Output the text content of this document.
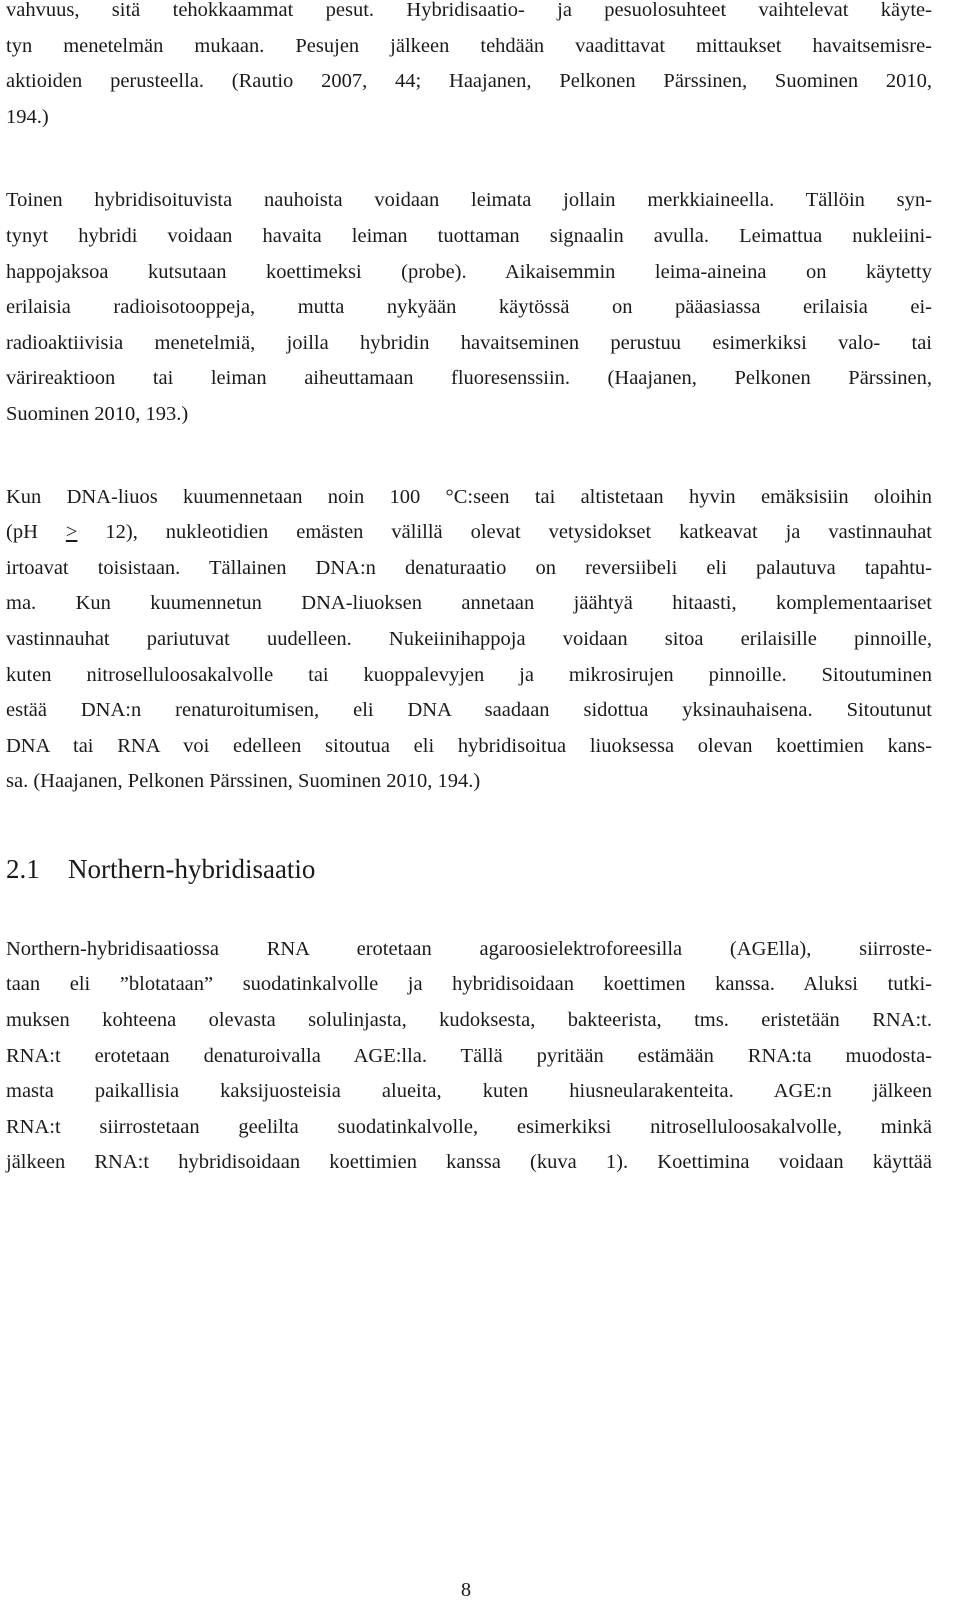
vahvuus, sitä tehokkaammat pesut. Hybridisaatio- ja pesuolosuhteet vaihtelevat käyte-
tyn menetelmän mukaan. Pesujen jälkeen tehdään vaadittavat mittaukset havaitsemisre-
aktioiden perusteella. (Rautio 2007, 44; Haajanen, Pelkonen Pärssinen, Suominen 2010,
194.)

Toinen hybridisoituvista nauhoista voidaan leimata jollain merkkiaineella. Tällöin syn-
tynyt hybridi voidaan havaita leiman tuottaman signaalin avulla. Leimattua nukleiini-
happojaksoa kutsutaan koettimeksi (probe). Aikaisemmin leima-aineina on käytetty
erilaisia radioisotooppeja, mutta nykyään käytössä on pääasiassa erilaisia ei-
radioaktiivisia menetelmiä, joilla hybridin havaitseminen perustuu esimerkiksi valo- tai
värireaktioon tai leiman aiheuttamaan fluoresenssiin. (Haajanen, Pelkonen Pärssinen,
Suominen 2010, 193.)

Kun DNA-liuos kuumennetaan noin 100 °C:seen tai altistetaan hyvin emäksisiin oloihin
(pH ≥ 12), nukleotidien emästen välillä olevat vetysidokset katkeavat ja vastinnauhat
irtoavat toisistaan. Tällainen DNA:n denaturaatio on reversiibeli eli palautuva tapahtu-
ma. Kun kuumennetun DNA-liuoksen annetaan jäähtyä hitaasti, komplementaariset
vastinnauhat pariutuvat uudelleen. Nukeiinihappoja voidaan sitoa erilaisille pinnoille,
kuten nitroselluloosakalvolle tai kuoppalevyjen ja mikrosirujen pinnoille. Sitoutuminen
estää DNA:n renaturoitumisen, eli DNA saadaan sidottua yksinauhaisena. Sitoutunut
DNA tai RNA voi edelleen sitoutua eli hybridisoitua liuoksessa olevan koettimien kans-
sa. (Haajanen, Pelkonen Pärssinen, Suominen 2010, 194.)

2.1 Northern-hybridisaatio

Northern-hybridisaatiossa RNA erotetaan agaroosielektroforeesilla (AGElla), siirroste-
taan eli ”blotataan” suodatinkalvolle ja hybridisoidaan koettimen kanssa. Aluksi tutki-
muksen kohteena olevasta solulinjasta, kudoksesta, bakteerista, tms. eristetään RNA:t.
RNA:t erotetaan denaturoivalla AGE:lla. Tällä pyritään estämään RNA:ta muodosta-
masta paikallisia kaksijuosteisia alueita, kuten hiusneularakenteita. AGE:n jälkeen
RNA:t siirrostetaan geelilta suodatinkalvolle, esimerkiksi nitroselluloosakalvolle, minkä
jälkeen RNA:t hybridisoidaan koettimien kanssa (kuva 1). Koettimina voidaan käyttää

8
